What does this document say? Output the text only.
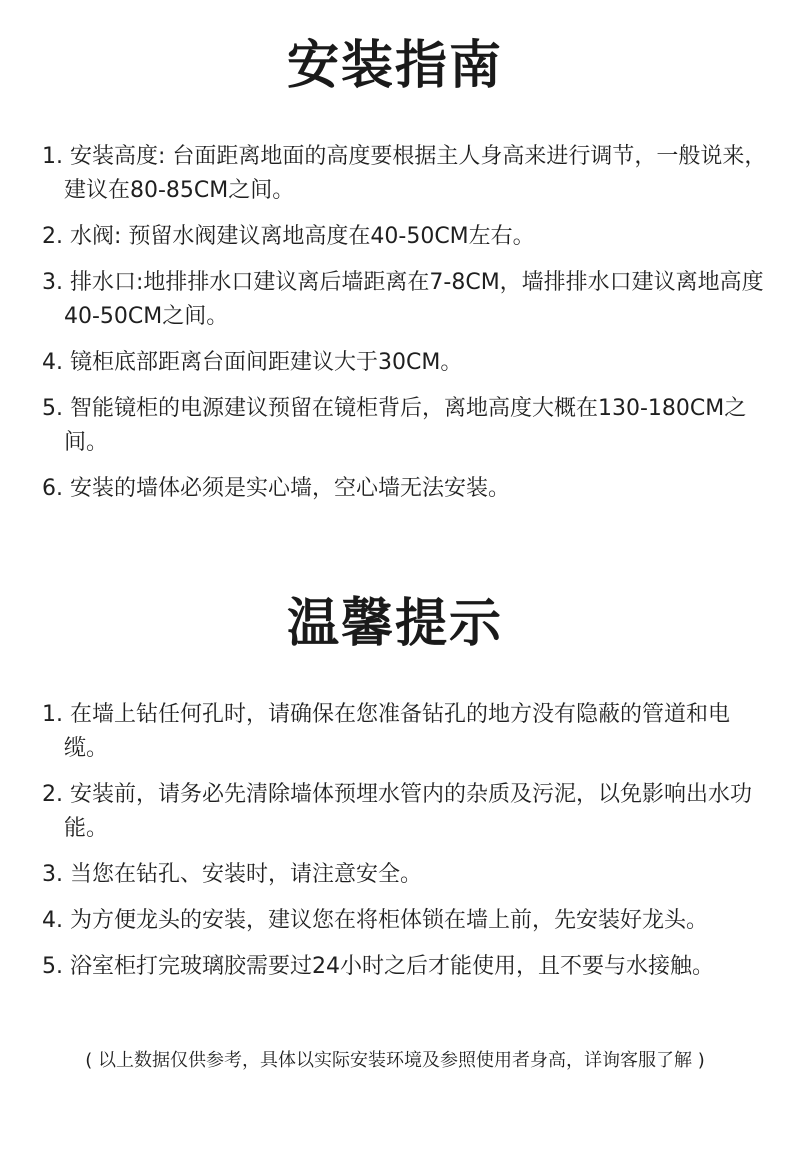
安装指南
1. 安装高度: 台面距离地面的高度要根据主人身高来进行调节，一般说来，建议在80-85CM之间。
2. 水阀: 预留水阀建议离地高度在40-50CM左右。
3. 排水口:地排排水口建议离后墙距离在7-8CM，墙排排水口建议离地高度40-50CM之间。
4. 镜柜底部距离台面间距建议大于30CM。
5. 智能镜柜的电源建议预留在镜柜背后，离地高度大概在130-180CM之间。
6. 安装的墙体必须是实心墙，空心墙无法安装。
温馨提示
1. 在墙上钻任何孔时，请确保在您准备钻孔的地方没有隐蔽的管道和电缆。
2. 安装前，请务必先清除墙体预埋水管内的杂质及污泥，以免影响出水功能。
3. 当您在钻孔、安装时，请注意安全。
4. 为方便龙头的安装，建议您在将柜体锁在墙上前，先安装好龙头。
5. 浴室柜打完玻璃胶需要过24小时之后才能使用，且不要与水接触。

( 以上数据仅供参考，具体以实际安装环境及参照使用者身高，详询客服了解 )
